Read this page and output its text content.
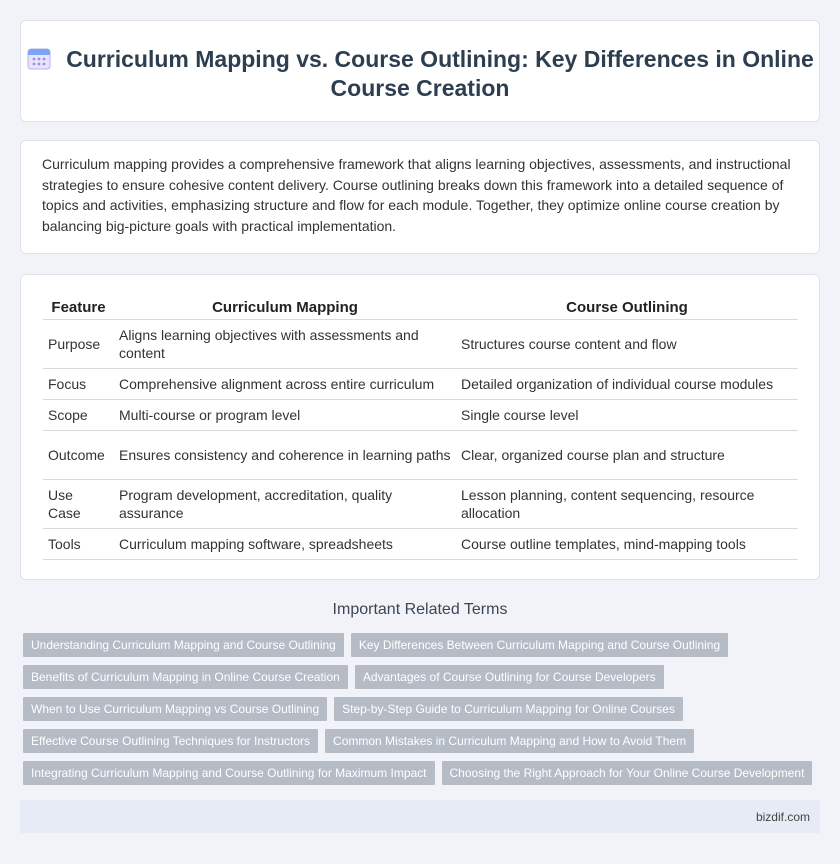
Curriculum Mapping vs. Course Outlining: Key Differences in Online Course Creation

Curriculum mapping provides a comprehensive framework that aligns learning objectives, assessments, and instructional strategies to ensure cohesive content delivery. Course outlining breaks down this framework into a detailed sequence of topics and activities, emphasizing structure and flow for each module. Together, they optimize online course creation by balancing big-picture goals with practical implementation.

Feature	Curriculum Mapping	Course Outlining
Purpose	Aligns learning objectives with assessments and content	Structures course content and flow
Focus	Comprehensive alignment across entire curriculum	Detailed organization of individual course modules
Scope	Multi-course or program level	Single course level
Outcome	Ensures consistency and coherence in learning paths	Clear, organized course plan and structure
Use Case	Program development, accreditation, quality assurance	Lesson planning, content sequencing, resource allocation
Tools	Curriculum mapping software, spreadsheets	Course outline templates, mind-mapping tools
Important Related Terms
Understanding Curriculum Mapping and Course Outlining Key Differences Between Curriculum Mapping and Course Outlining
Benefits of Curriculum Mapping in Online Course Creation Advantages of Course Outlining for Course Developers
When to Use Curriculum Mapping vs Course Outlining Step-by-Step Guide to Curriculum Mapping for Online Courses
Effective Course Outlining Techniques for Instructors Common Mistakes in Curriculum Mapping and How to Avoid Them
Integrating Curriculum Mapping and Course Outlining for Maximum Impact Choosing the Right Approach for Your Online Course Development
bizdif.com
